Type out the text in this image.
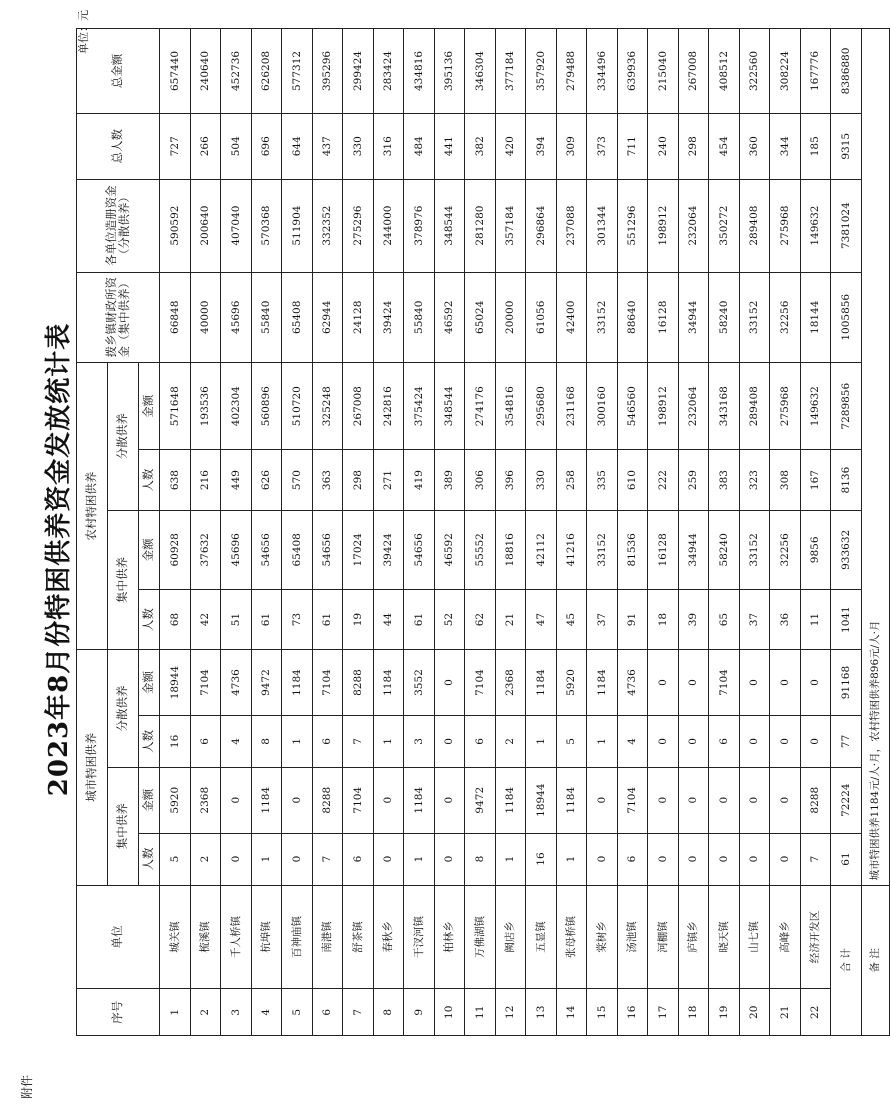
附件
2023年8月份特困供养资金发放统计表
单位：元
序号	单位	城市特困供养				农村特困供养				拨乡镇财政所资金（集中供养）	各单位造册资金（分散供养）	总人数	总金额
		集中供养		分散供养		集中供养		分散供养					
		人数	金额	人数	金额	人数	金额	人数	金额				
1	城关镇	5	5920	16	18944	68	60928	638	571648	66848	590592	727	657440
2	梳溪镇	2	2368	6	7104	42	37632	216	193536	40000	200640	266	240640
3	千人桥镇	0	0	4	4736	51	45696	449	402304	45696	407040	504	452736
4	杭埠镇	1	1184	8	9472	61	54656	626	560896	55840	570368	696	626208
5	百神庙镇	0	0	1	1184	73	65408	570	510720	65408	511904	644	577312
6	南港镇	7	8288	6	7104	61	54656	363	325248	62944	332352	437	395296
7	舒茶镇	6	7104	7	8288	19	17024	298	267008	24128	275296	330	299424
8	春秋乡	0	0	1	1184	44	39424	271	242816	39424	244000	316	283424
9	干汊河镇	1	1184	3	3552	61	54656	419	375424	55840	378976	484	434816
10	柏林乡	0	0	0	0	52	46592	389	348544	46592	348544	441	395136
11	万佛湖镇	8	9472	6	7104	62	55552	306	274176	65024	281280	382	346304
12	阙店乡	1	1184	2	2368	21	18816	396	354816	20000	357184	420	377184
13	五显镇	16	18944	1	1184	47	42112	330	295680	61056	296864	394	357920
14	张母桥镇	1	1184	5	5920	45	41216	258	231168	42400	237088	309	279488
15	棠树乡	0	0	1	1184	37	33152	335	300160	33152	301344	373	334496
16	汤池镇	6	7104	4	4736	91	81536	610	546560	88640	551296	711	639936
17	河棚镇	0	0	0	0	18	16128	222	198912	16128	198912	240	215040
18	庐镇乡	0	0	0	0	39	34944	259	232064	34944	232064	298	267008
19	晓天镇	0	0	6	7104	65	58240	383	343168	58240	350272	454	408512
20	山七镇	0	0	0	0	37	33152	323	289408	33152	289408	360	322560
21	高峰乡	0	0	0	0	36	32256	308	275968	32256	275968	344	308224
22	经济开发区	7	8288	0	0	11	9856	167	149632	18144	149632	185	167776
合 计		61	72224	77	91168	1041	933632	8136	7289856	1005856	7381024	9315	8386880
备 注		城市特困供养1184元/人·月，农村特困供养896元/人·月											
